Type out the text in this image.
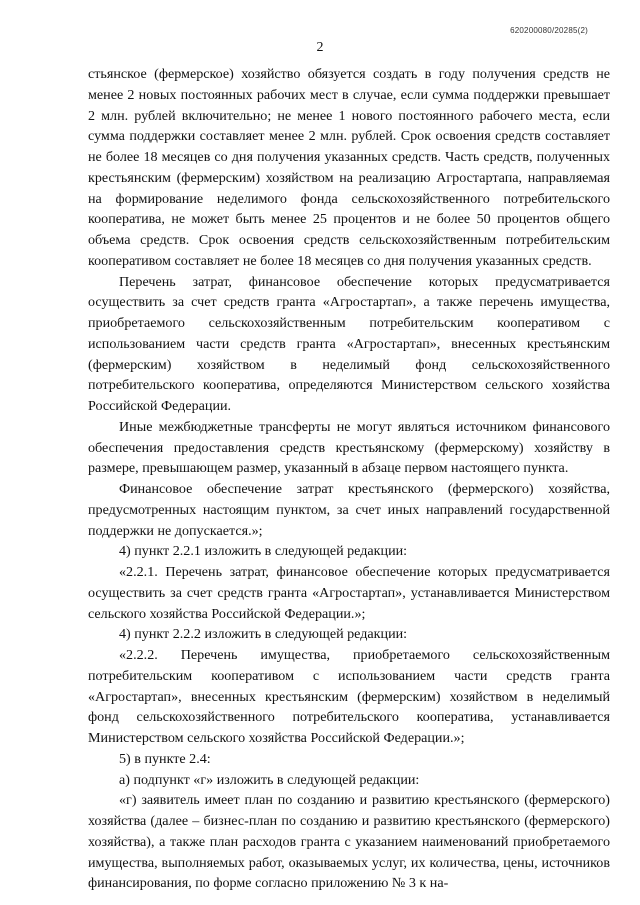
620200080/20285(2)
2

стьянское (фермерское) хозяйство обязуется создать в году получения средств не менее 2 новых постоянных рабочих мест в случае, если сумма поддержки превышает 2 млн. рублей включительно; не менее 1 нового постоянного рабочего места, если сумма поддержки составляет менее 2 млн. рублей. Срок освоения средств составляет не более 18 месяцев со дня получения указанных средств. Часть средств, полученных крестьянским (фермерским) хозяйством на реализацию Агростартапа, направляемая на формирование неделимого фонда сельскохозяйственного потребительского кооператива, не может быть менее 25 процентов и не более 50 процентов общего объема средств. Срок освоения средств сельскохозяйственным потребительским кооперативом составляет не более 18 месяцев со дня получения указанных средств.

Перечень затрат, финансовое обеспечение которых предусматривается осуществить за счет средств гранта «Агростартап», а также перечень имущества, приобретаемого сельскохозяйственным потребительским кооперативом с использованием части средств гранта «Агростартап», внесенных крестьянским (фермерским) хозяйством в неделимый фонд сельскохозяйственного потребительского кооператива, определяются Министерством сельского хозяйства Российской Федерации.

Иные межбюджетные трансферты не могут являться источником финансового обеспечения предоставления средств крестьянскому (фермерскому) хозяйству в размере, превышающем размер, указанный в абзаце первом настоящего пункта.

Финансовое обеспечение затрат крестьянского (фермерского) хозяйства, предусмотренных настоящим пунктом, за счет иных направлений государственной поддержки не допускается.»;

4) пункт 2.2.1 изложить в следующей редакции:

«2.2.1. Перечень затрат, финансовое обеспечение которых предусматривается осуществить за счет средств гранта «Агростартап», устанавливается Министерством сельского хозяйства Российской Федерации.»;

4) пункт 2.2.2 изложить в следующей редакции:

«2.2.2. Перечень имущества, приобретаемого сельскохозяйственным потребительским кооперативом с использованием части средств гранта «Агростартап», внесенных крестьянским (фермерским) хозяйством в неделимый фонд сельскохозяйственного потребительского кооператива, устанавливается Министерством сельского хозяйства Российской Федерации.»;

5) в пункте 2.4:

а) подпункт «г» изложить в следующей редакции:

«г) заявитель имеет план по созданию и развитию крестьянского (фермерского) хозяйства (далее – бизнес-план по созданию и развитию крестьянского (фермерского) хозяйства), а также план расходов гранта с указанием наименований приобретаемого имущества, выполняемых работ, оказываемых услуг, их количества, цены, источников финансирования, по форме согласно приложению № 3 к на-
